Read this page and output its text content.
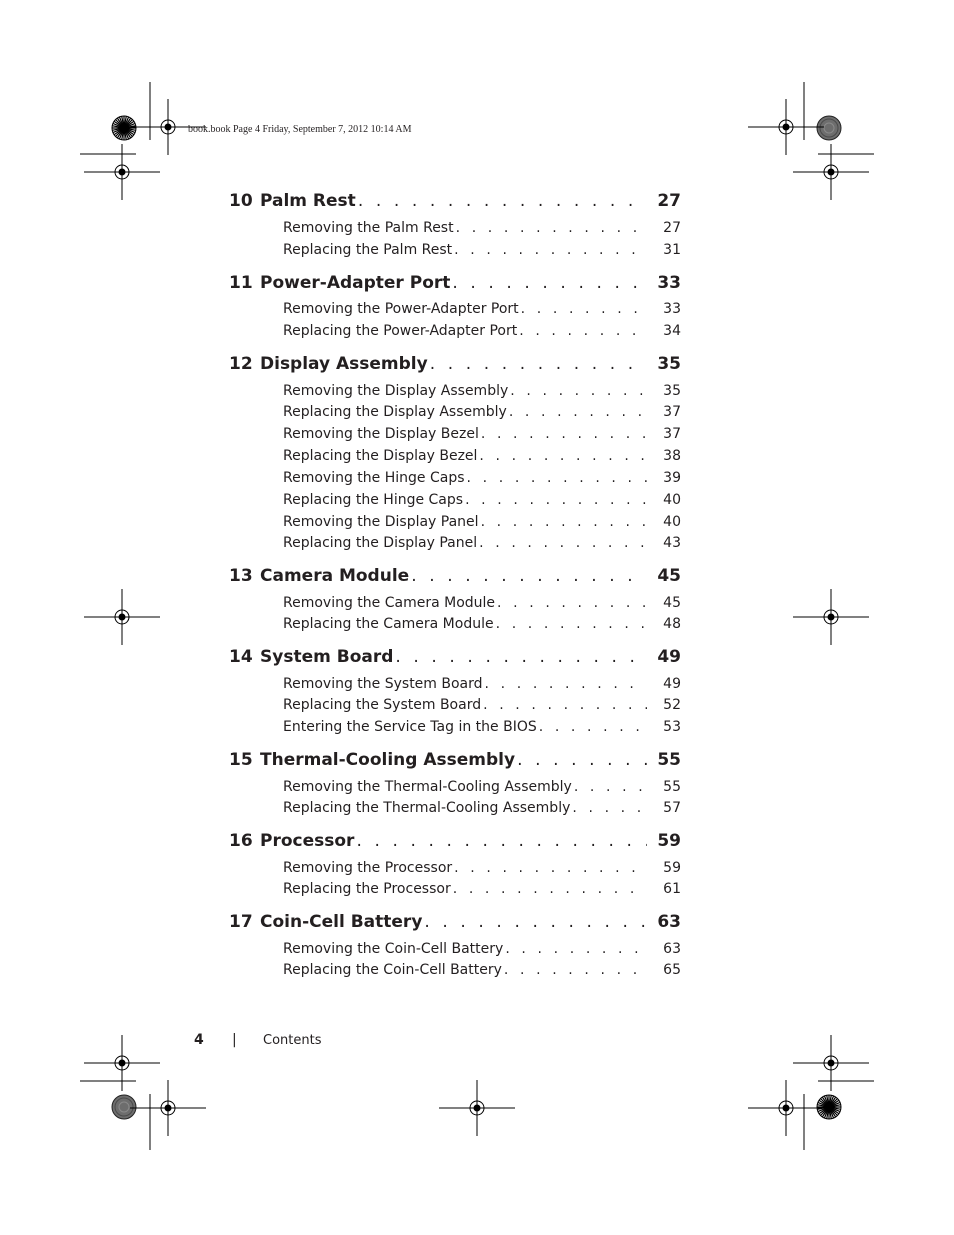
book.book Page 4 Friday, September 7, 2012 10:14 AM
10 Palm Rest . . .	27
Removing the Palm Rest . . .	27
Replacing the Palm Rest . . .	31
11 Power-Adapter Port . . .	33
Removing the Power-Adapter Port . . .	33
Replacing the Power-Adapter Port . . .	34
12 Display Assembly . . .	35
Removing the Display Assembly . . .	35
Replacing the Display Assembly . . .	37
Removing the Display Bezel . . .	37
Replacing the Display Bezel . . .	38
Removing the Hinge Caps . . .	39
Replacing the Hinge Caps . . .	40
Removing the Display Panel . . .	40
Replacing the Display Panel . . .	43
13 Camera Module . . .	45
Removing the Camera Module . . .	45
Replacing the Camera Module . . .	48
14 System Board . . .	49
Removing the System Board . . .	49
Replacing the System Board . . .	52
Entering the Service Tag in the BIOS . . .	53
15 Thermal-Cooling Assembly . . .	55
Removing the Thermal-Cooling Assembly . . .	55
Replacing the Thermal-Cooling Assembly . . .	57
16 Processor . . .	59
Removing the Processor . . .	59
Replacing the Processor . . .	61
17 Coin-Cell Battery . . .	63
Removing the Coin-Cell Battery . . .	63
Replacing the Coin-Cell Battery . . .	65
4 | Contents
